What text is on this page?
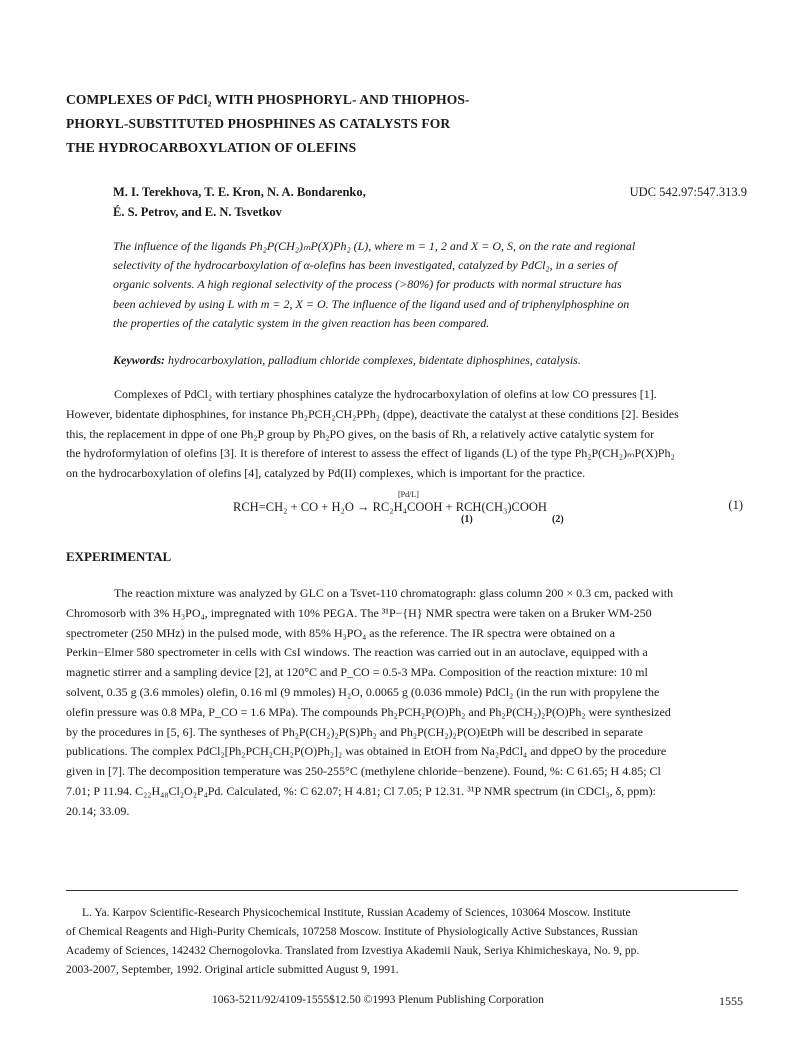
COMPLEXES OF PdCl₂ WITH PHOSPHORYL- AND THIOPHOS-
PHORYL-SUBSTITUTED PHOSPHINES AS CATALYSTS FOR
THE HYDROCARBOXYLATION OF OLEFINS
M. I. Terekhova, T. E. Kron, N. A. Bondarenko,
É. S. Petrov, and E. N. Tsvetkov
UDC 542.97:547.313.9
The influence of the ligands Ph₂P(CH₂)ₘP(X)Ph₂ (L), where m = 1, 2 and X = O, S, on the rate and regional
selectivity of the hydrocarboxylation of α-olefins has been investigated, catalyzed by PdCl₂, in a series of
organic solvents. A high regional selectivity of the process (>80%) for products with normal structure has
been achieved by using L with m = 2, X = O. The influence of the ligand used and of triphenylphosphine on
the properties of the catalytic system in the given reaction has been compared.
Keywords: hydrocarboxylation, palladium chloride complexes, bidentate diphosphines, catalysis.
Complexes of PdCl₂ with tertiary phosphines catalyze the hydrocarboxylation of olefins at low CO pressures [1].
However, bidentate diphosphines, for instance Ph₂PCH₂CH₂PPh₂ (dppe), deactivate the catalyst at these conditions [2]. Besides
this, the replacement in dppe of one Ph₂P group by Ph₂PO gives, on the basis of Rh, a relatively active catalytic system for
the hydroformylation of olefins [3]. It is therefore of interest to assess the effect of ligands (L) of the type Ph₂P(CH₂)ₘP(X)Ph₂
on the hydrocarboxylation of olefins [4], catalyzed by Pd(II) complexes, which is important for the practice.
RCH=CH₂ + CO + H₂O → RC₂H₄COOH + RCH(CH₃)COOH
[Pd/L]
(1)	(2)
(1)
EXPERIMENTAL
The reaction mixture was analyzed by GLC on a Tsvet-110 chromatograph: glass column 200 × 0.3 cm, packed with
Chromosorb with 3% H₃PO₄, impregnated with 10% PEGA. The ³¹P−{H} NMR spectra were taken on a Bruker WM-250
spectrometer (250 MHz) in the pulsed mode, with 85% H₃PO₄ as the reference. The IR spectra were obtained on a
Perkin−Elmer 580 spectrometer in cells with CsI windows. The reaction was carried out in an autoclave, equipped with a
magnetic stirrer and a sampling device [2], at 120°C and P_CO = 0.5-3 MPa. Composition of the reaction mixture: 10 ml
solvent, 0.35 g (3.6 mmoles) olefin, 0.16 ml (9 mmoles) H₂O, 0.0065 g (0.036 mmole) PdCl₂ (in the run with propylene the
olefin pressure was 0.8 MPa, P_CO = 1.6 MPa). The compounds Ph₂PCH₂P(O)Ph₂ and Ph₂P(CH₂)₂P(O)Ph₂ were synthesized
by the procedures in [5, 6]. The syntheses of Ph₂P(CH₂)₂P(S)Ph₂ and Ph₂P(CH₂)₂P(O)EtPh will be described in separate
publications. The complex PdCl₂[Ph₂PCH₂CH₂P(O)Ph₂]₂ was obtained in EtOH from Na₂PdCl₄ and dppeO by the procedure
given in [7]. The decomposition temperature was 250-255°C (methylene chloride−benzene). Found, %: C 61.65; H 4.85; Cl
7.01; P 11.94. C₂₂H₄₈Cl₂O₂P₄Pd. Calculated, %: C 62.07; H 4.81; Cl 7.05; P 12.31. ³¹P NMR spectrum (in CDCl₃, δ, ppm):
20.14; 33.09.
L. Ya. Karpov Scientific-Research Physicochemical Institute, Russian Academy of Sciences, 103064 Moscow. Institute
of Chemical Reagents and High-Purity Chemicals, 107258 Moscow. Institute of Physiologically Active Substances, Russian
Academy of Sciences, 142432 Chernogolovka. Translated from Izvestiya Akademii Nauk, Seriya Khimicheskaya, No. 9, pp.
2003-2007, September, 1992. Original article submitted August 9, 1991.
1063-5211/92/4109-1555$12.50 ©1993 Plenum Publishing Corporation	1555
